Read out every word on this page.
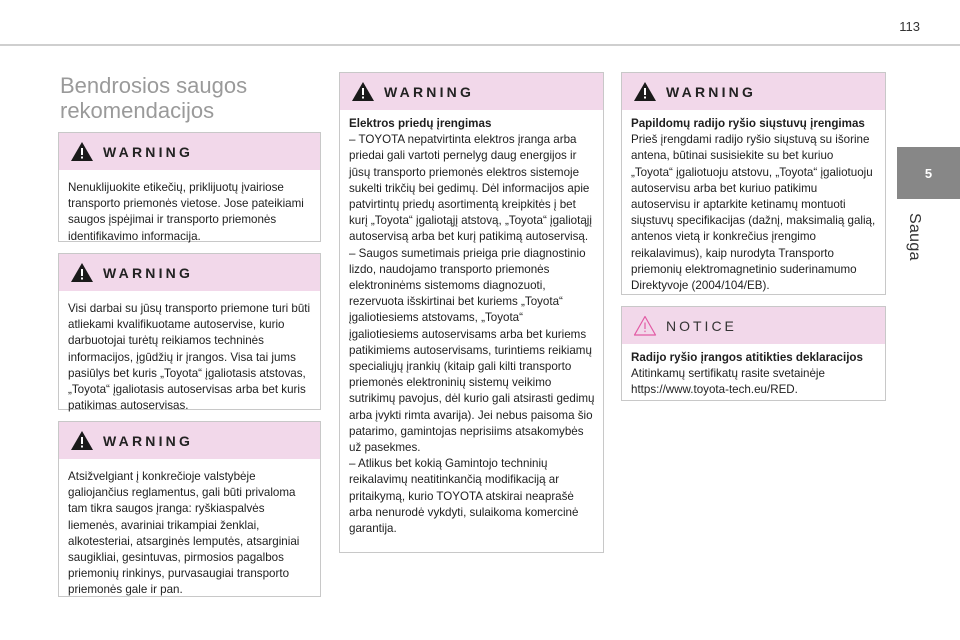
113
5
Sauga
Bendrosios saugos rekomendacijos
WARNING

Nenuklijuokite etikečių, priklijuotų įvairiose transporto priemonės vietose. Jose pateikiami saugos įspėjimai ir transporto priemonės identifikavimo informacija.

WARNING

Visi darbai su jūsų transporto priemone turi būti atliekami kvalifikuotame autoservise, kurio darbuotojai turėtų reikiamos techninės informacijos, įgūdžių ir įrangos. Visa tai jums pasiūlys bet kuris „Toyota“ įgaliotasis atstovas, „Toyota“ įgaliotasis autoservisas arba bet kuris patikimas autoservisas.

WARNING

Atsižvelgiant į konkrečioje valstybėje galiojančius reglamentus, gali būti privaloma tam tikra saugos įranga: ryškiaspalvės liemenės, avariniai trikampiai ženklai, alkotesteriai, atsarginės lemputės, atsarginiai saugikliai, gesintuvas, pirmosios pagalbos priemonių rinkinys, purvasaugiai transporto priemonės gale ir pan.

WARNING

Elektros priedų įrengimas

– TOYOTA nepatvirtinta elektros įranga arba priedai gali vartoti pernelyg daug energijos ir jūsų transporto priemonės elektros sistemoje sukelti trikčių bei gedimų. Dėl informacijos apie patvirtintų priedų asortimentą kreipkitės į bet kurį „Toyota“ įgaliotąjį atstovą, „Toyota“ įgaliotąjį autoservisą arba bet kurį patikimą autoservisą.

– Saugos sumetimais prieiga prie diagnostinio lizdo, naudojamo transporto priemonės elektroninėms sistemoms diagnozuoti, rezervuota išskirtinai bet kuriems „Toyota“ įgaliotiesiems atstovams, „Toyota“ įgaliotiesiems autoservisams arba bet kuriems patikimiems autoservisams, turintiems reikiamų specialiųjų įrankių (kitaip gali kilti transporto priemonės elektroninių sistemų veikimo sutrikimų pavojus, dėl kurio gali atsirasti gedimų arba įvykti rimta avarija). Jei nebus paisoma šio patarimo, gamintojas neprisiims atsakomybės už pasekmes.

– Atlikus bet kokią Gamintojo techninių reikalavimų neatitinkančią modifikaciją ar pritaikymą, kurio TOYOTA atskirai neaprašė arba nenurodė vykdyti, sulaikoma komercinė garantija.

WARNING

Papildomų radijo ryšio siųstuvų įrengimas

Prieš įrengdami radijo ryšio siųstuvą su išorine antena, būtinai susisiekite su bet kuriuo „Toyota“ įgaliotuoju atstovu, „Toyota“ įgaliotuoju autoservisu arba bet kuriuo patikimu autoservisu ir aptarkite ketinamų montuoti siųstuvų specifikacijas (dažnį, maksimalią galią, antenos vietą ir konkrečius įrengimo reikalavimus), kaip nurodyta Transporto priemonių elektromagnetinio suderinamumo Direktyvoje (2004/104/EB).

NOTICE

Radijo ryšio įrangos atitikties deklaracijos

Atitinkamų sertifikatų rasite svetainėje https://www.toyota-tech.eu/RED.
